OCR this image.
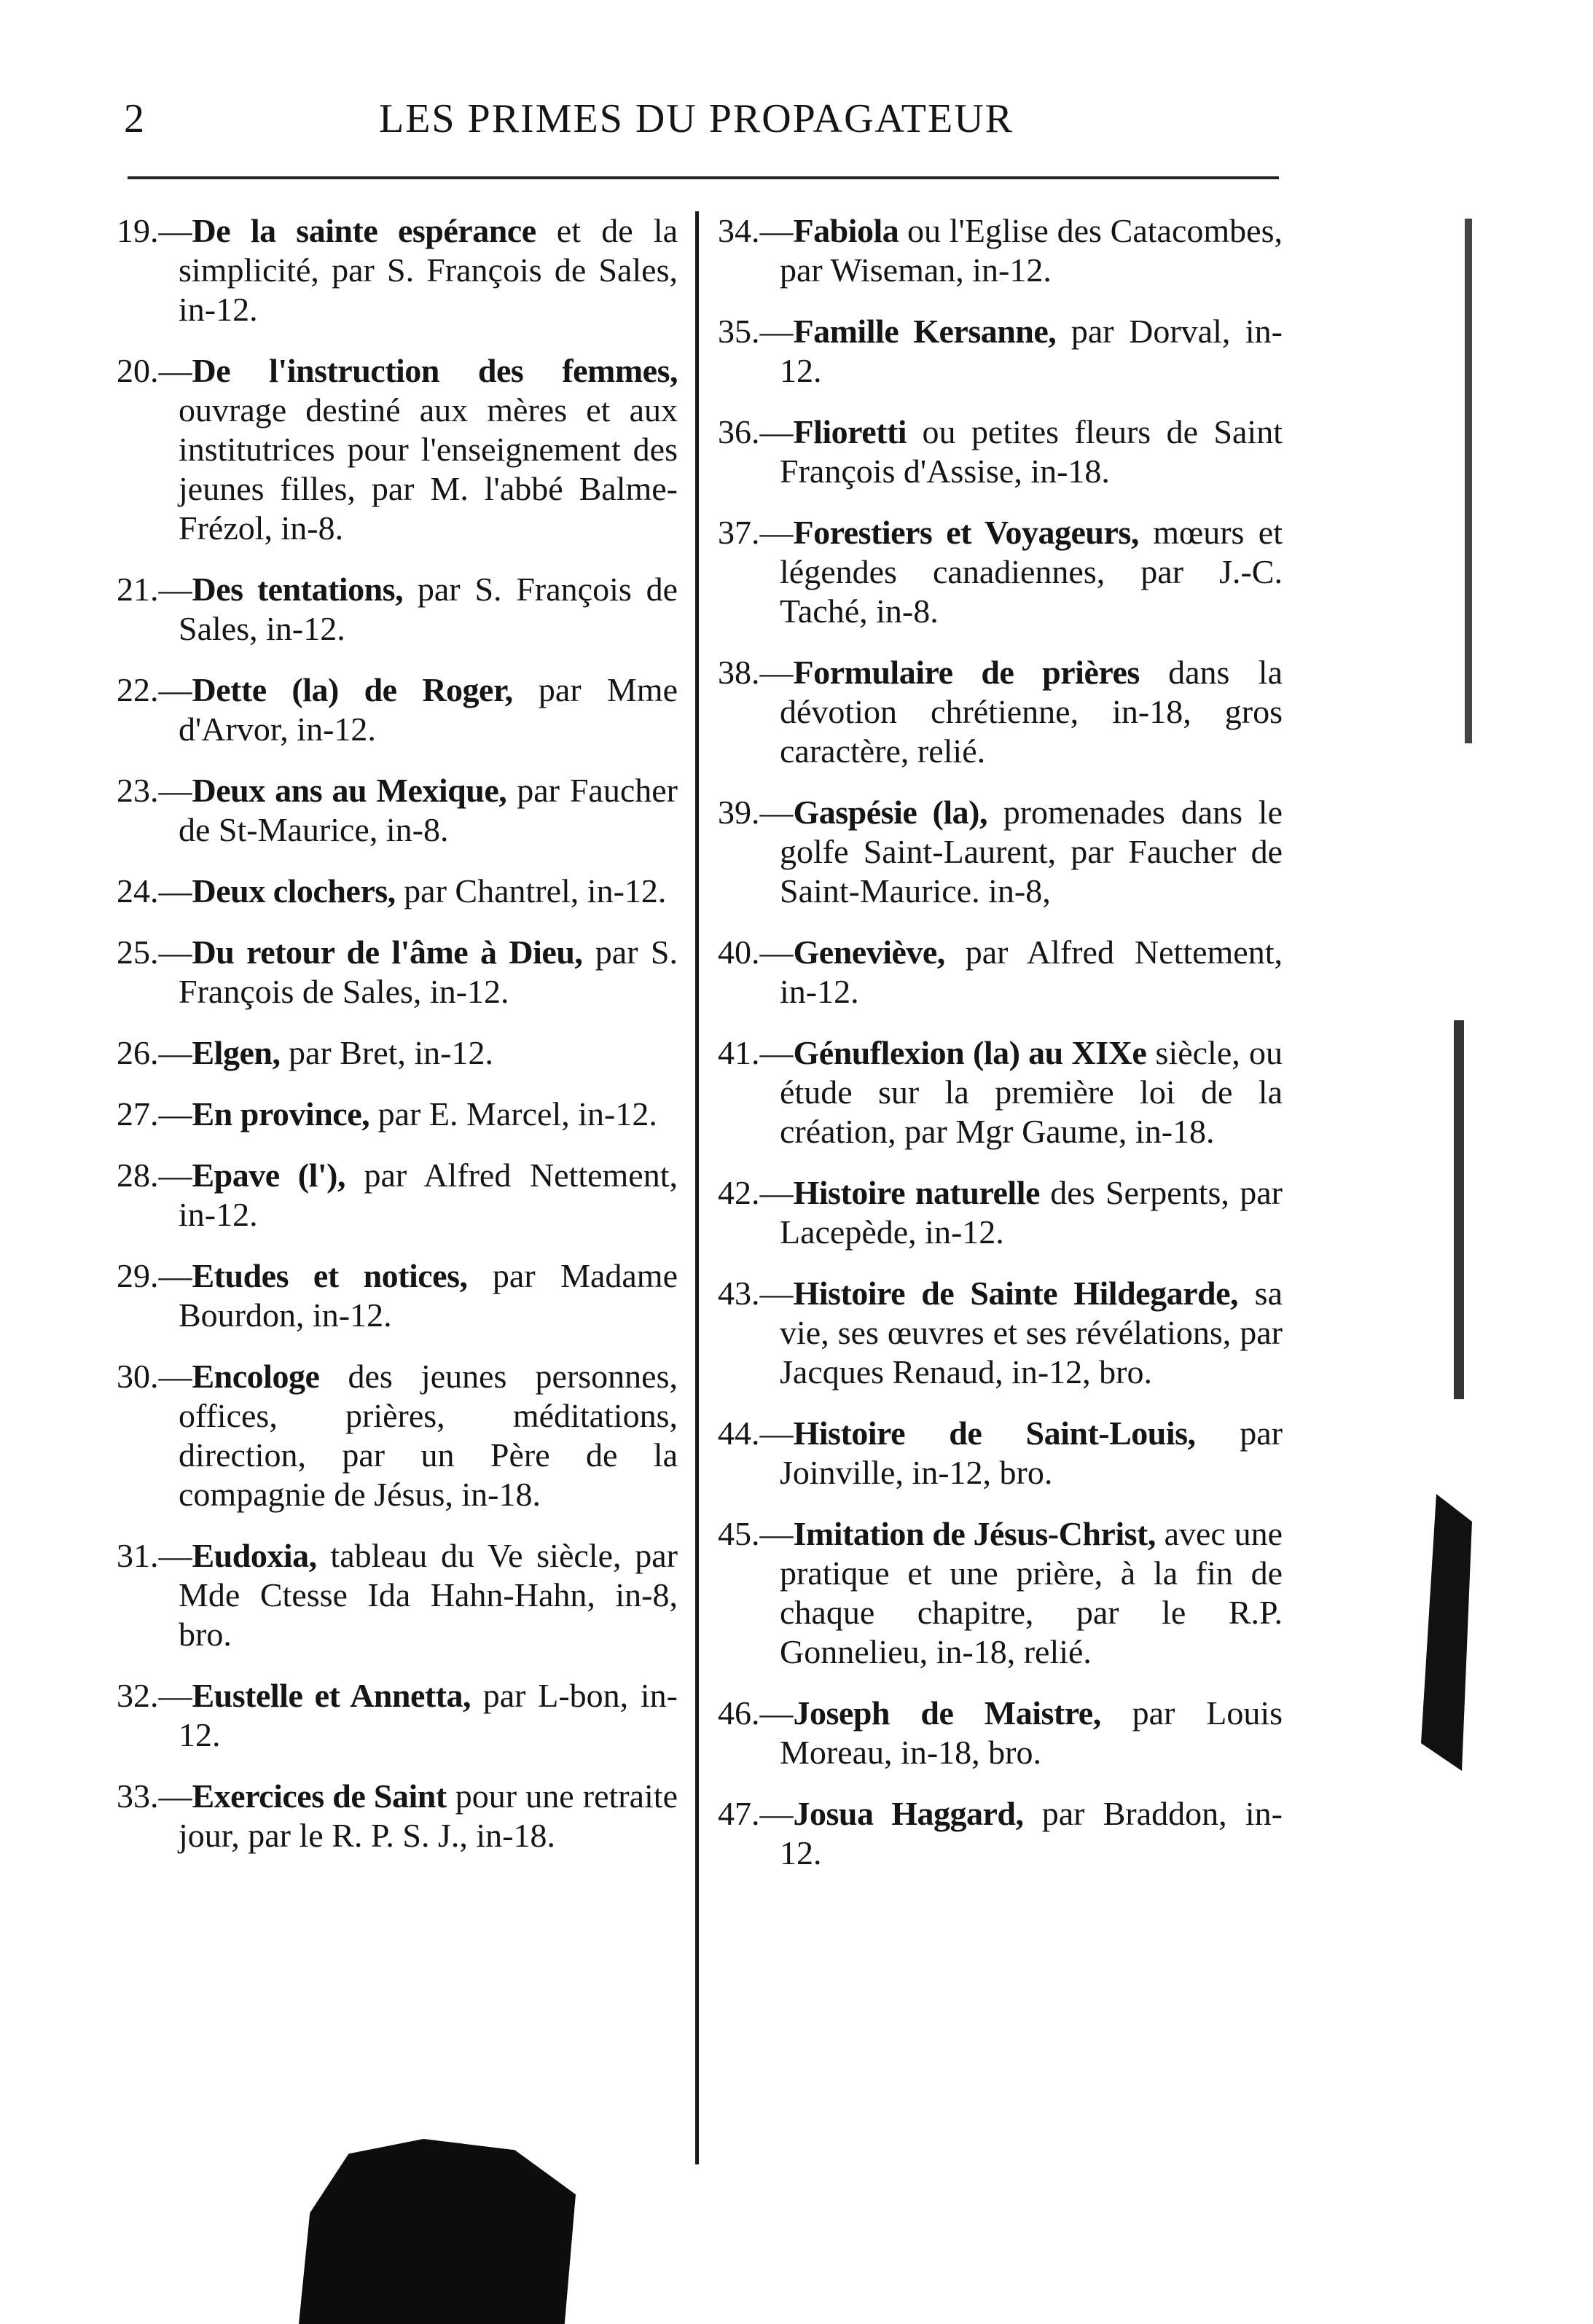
2	LES PRIMES DU PROPAGATEUR

19.—De la sainte espérance et de la simplicité, par S. François de Sales, in-12.

20.—De l'instruction des femmes, ouvrage destiné aux mères et aux institutrices pour l'enseignement des jeunes filles, par M. l'abbé Balme-Frézol, in-8.

21.—Des tentations, par S. François de Sales, in-12.

22.—Dette (la) de Roger, par Mme d'Arvor, in-12.

23.—Deux ans au Mexique, par Faucher de St-Maurice, in-8.

24.—Deux clochers, par Chantrel, in-12.

25.—Du retour de l'âme à Dieu, par S. François de Sales, in-12.

26.—Elgen, par Bret, in-12.

27.—En province, par E. Marcel, in-12.

28.—Epave (l'), par Alfred Nettement, in-12.

29.—Etudes et notices, par Madame Bourdon, in-12.

30.—Encologe des jeunes personnes, offices, prières, méditations, direction, par un Père de la compagnie de Jésus, in-18.

31.—Eudoxia, tableau du Ve siècle, par Mde Ctesse Ida Hahn-Hahn, in-8, bro.

32.—Eustelle et Annetta, par L-bon, in-12.

33.—Exercices de Saint pour une retraite jour, par le R. P. S. J., in-18.

34.—Fabiola ou l'Eglise des Catacombes, par Wiseman, in-12.

35.—Famille Kersanne, par Dorval, in-12.

36.—Flioretti ou petites fleurs de Saint François d'Assise, in-18.

37.—Forestiers et Voyageurs, mœurs et légendes canadiennes, par J.-C. Taché, in-8.

38.—Formulaire de prières dans la dévotion chrétienne, in-18, gros caractère, relié.

39.—Gaspésie (la), promenades dans le golfe Saint-Laurent, par Faucher de Saint-Maurice. in-8,

40.—Geneviève, par Alfred Nettement, in-12.

41.—Génuflexion (la) au XIXe siècle, ou étude sur la première loi de la création, par Mgr Gaume, in-18.

42.—Histoire naturelle des Serpents, par Lacepède, in-12.

43.—Histoire de Sainte Hildegarde, sa vie, ses œuvres et ses révélations, par Jacques Renaud, in-12, bro.

44.—Histoire de Saint-Louis, par Joinville, in-12, bro.

45.—Imitation de Jésus-Christ, avec une pratique et une prière, à la fin de chaque chapitre, par le R.P. Gonnelieu, in-18, relié.

46.—Joseph de Maistre, par Louis Moreau, in-18, bro.

47.—Josua Haggard, par Braddon, in-12.
